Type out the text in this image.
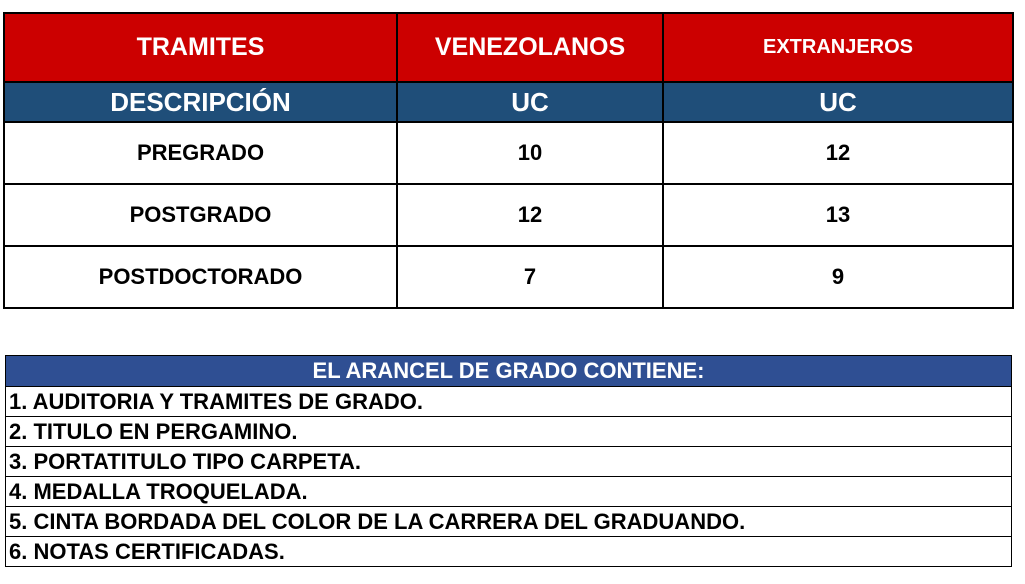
TRAMITES	VENEZOLANOS	EXTRANJEROS
DESCRIPCIÓN	UC	UC
PREGRADO	10	12
POSTGRADO	12	13
POSTDOCTORADO	7	9
EL ARANCEL DE GRADO CONTIENE:
1. AUDITORIA Y TRAMITES DE GRADO.
2. TITULO EN PERGAMINO.
3. PORTATITULO TIPO CARPETA.
4. MEDALLA TROQUELADA.
5. CINTA BORDADA DEL COLOR DE LA CARRERA DEL GRADUANDO.
6. NOTAS CERTIFICADAS.
